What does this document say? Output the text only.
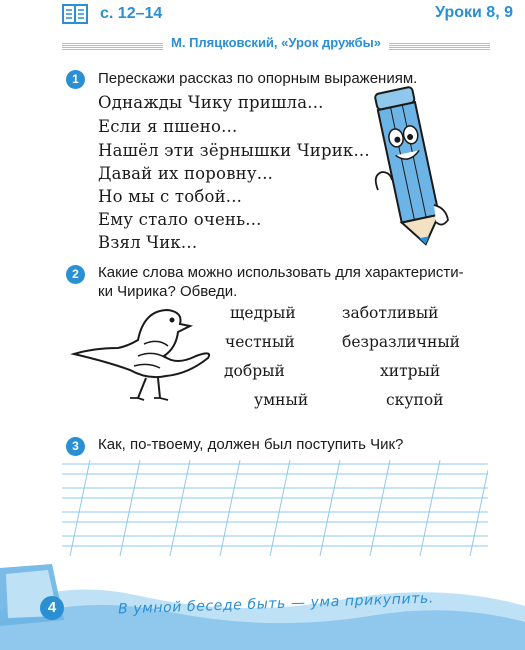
с. 12–14	Уроки 8, 9
М. Пляцковский, «Урок дружбы»
1	Перескажи рассказ по опорным выражениям.
Однажды Чику пришла...
Если я пшено...
Нашёл эти зёрнышки Чирик...
Давай их поровну...
Но мы с тобой...
Ему стало очень...
Взял Чик...
2	Какие слова можно использовать для характеристи-
ки Чирика? Обведи.
щедрый	заботливый
честный	безразличный
добрый	хитрый
умный	скупой
3	Как, по-твоему, должен был поступить Чик?
4	В умной беседе быть — ума прикупить.
